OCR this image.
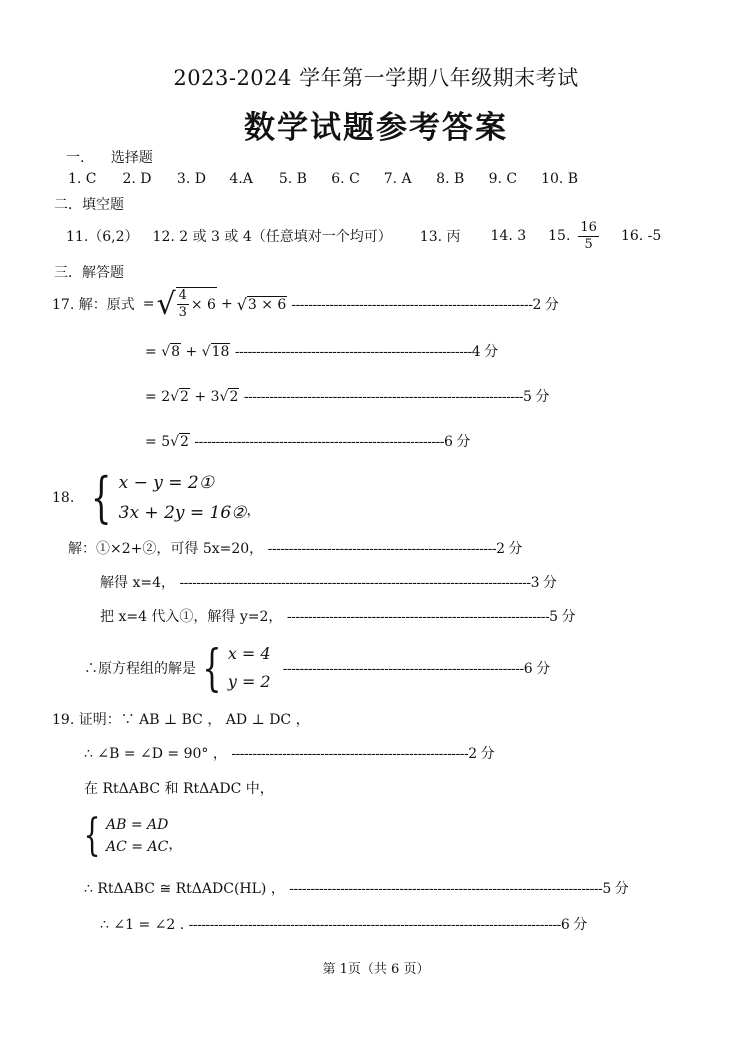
2023-2024 学年第一学期八年级期末考试
数学试题参考答案
一. 选择题
1. C 2. D 3. D 4.A 5. B 6. C 7. A 8. B 9. C 10. B
二．填空题
11.（6,2） 12. 2 或 3 或 4（任意填对一个均可） 13. 丙 14. 3 15. $\frac{16}{5} 16$. -5
三．解答题
17. 解：原式 = √ $\frac{4}{3} \times 6$ + √ 3 × 6 ---------------------------------------------------------2 分
= √8 + √18 --------------------------------------------------------4 分
= 2√2 + 3√2 ------------------------------------------------------------------5 分
= 5√2 -----------------------------------------------------------6 分
18. { x − y = 2①
3x + 2y = 16② ，
解：①×2+②，可得 5x=20， ------------------------------------------------------2 分
解得 x=4， -----------------------------------------------------------------------------------3 分
把 x=4 代入①，解得 y=2， --------------------------------------------------------------5 分
∴原方程组的解是 { x = 4
y = 2
---------------------------------------------------------6 分
19. 证明：∵ AB ⊥ BC ， AD ⊥ DC ，
∴ ∠B = ∠D = 90° ， --------------------------------------------------------2 分
在 RtΔABC 和 RtΔADC 中，
{ AB = AD
AC = AC ，
∴ RtΔABC ≅ RtΔADC(HL) ， --------------------------------------------------------------------------5 分
∴ ∠1 = ∠2 . ----------------------------------------------------------------------------------------6 分
第 1页（共 6 页）
